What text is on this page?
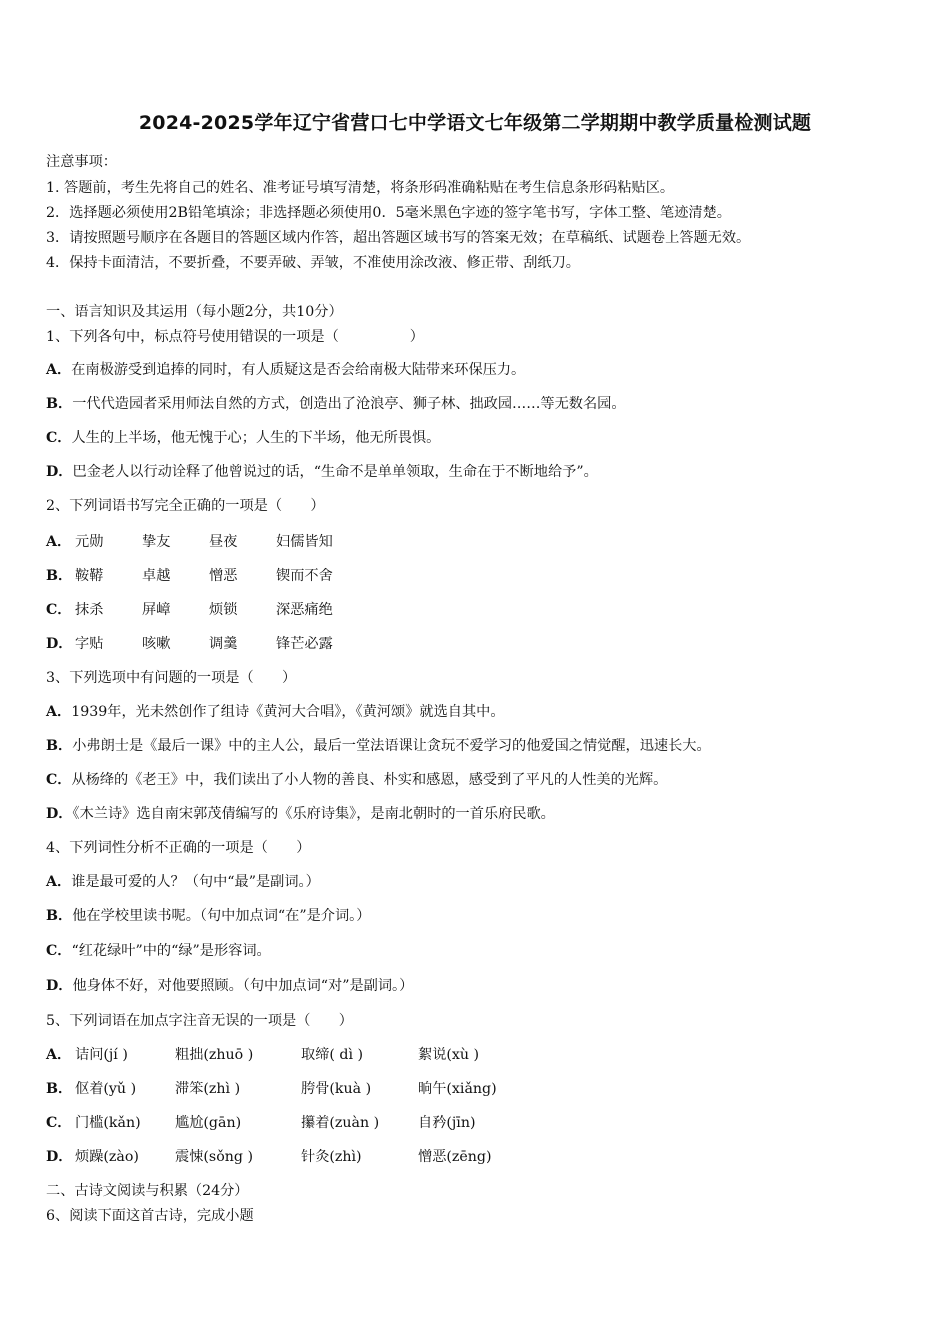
2024-2025学年辽宁省营口七中学语文七年级第二学期期中教学质量检测试题
注意事项：
1. 答题前，考生先将自己的姓名、准考证号填写清楚，将条形码准确粘贴在考生信息条形码粘贴区。
2．选择题必须使用2B铅笔填涂；非选择题必须使用0．5毫米黑色字迹的签字笔书写，字体工整、笔迹清楚。
3．请按照题号顺序在各题目的答题区域内作答，超出答题区域书写的答案无效；在草稿纸、试题卷上答题无效。
4．保持卡面清洁，不要折叠，不要弄破、弄皱，不准使用涂改液、修正带、刮纸刀。
一、语言知识及其运用（每小题2分，共10分）
1、下列各句中，标点符号使用错误的一项是（　　　　　）
A．在南极游受到追捧的同时，有人质疑这是否会给南极大陆带来环保压力。
B．一代代造园者采用师法自然的方式，创造出了沧浪亭、狮子林、拙政园……等无数名园。
C．人生的上半场，他无愧于心；人生的下半场，他无所畏惧。
D．巴金老人以行动诠释了他曾说过的话，“生命不是单单领取，生命在于不断地给予”。
2、下列词语书写完全正确的一项是（　　）
A． 元勋	挚友	昼夜	妇儒皆知
B． 鞍鞯	卓越	憎恶	锲而不舍
C． 抹杀	屏嶂	烦锁	深恶痛绝
D． 字贴	咳嗽	调羹	锋芒必露
3、下列选项中有问题的一项是（　　）
A．1939年，光未然创作了组诗《黄河大合唱》，《黄河颂》就选自其中。
B．小弗朗士是《最后一课》中的主人公，最后一堂法语课让贪玩不爱学习的他爱国之情觉醒，迅速长大。
C．从杨绛的《老王》中，我们读出了小人物的善良、朴实和感恩，感受到了平凡的人性美的光辉。
D．《木兰诗》选自南宋郭茂倩编写的《乐府诗集》，是南北朝时的一首乐府民歌。
4、下列词性分析不正确的一项是（　　）
A．谁是最可爱的人？（句中“最”是副词。）
B．他在学校里读书呢。（句中加点词“在”是介词。）
C．“红花绿叶”中的“绿”是形容词。
D．他身体不好，对他要照顾。（句中加点词“对”是副词。）
5、下列词语在加点字注音无误的一项是（　　）
A． 诘问(jí )	粗拙(zhuō )	取缔( dì )	絮说(xù )
B． 伛着(yǔ )	滞笨(zhì )	胯骨(kuà )	晌午(xiǎng)
C． 门槛(kǎn) 尴尬(gān)	攥着(zuàn )	自矜(jīn)
D． 烦躁(zào)	震悚(sǒng )	针灸(zhì)	憎恶(zēng)
二、古诗文阅读与积累（24分）
6、阅读下面这首古诗，完成小题
